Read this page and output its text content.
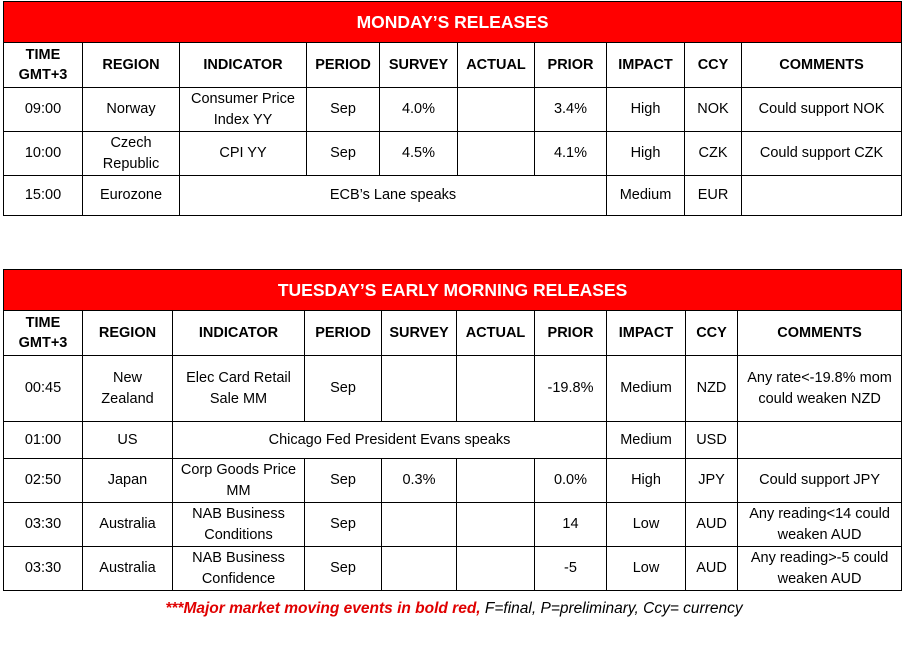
MONDAY’S RELEASES									
TIME GMT+3	REGION	INDICATOR	PERIOD	SURVEY	ACTUAL	PRIOR	IMPACT	CCY	COMMENTS
09:00	Norway	Consumer Price Index YY	Sep	4.0%		3.4%	High	NOK	Could support NOK
10:00	Czech Republic	CPI YY	Sep	4.5%		4.1%	High	CZK	Could support CZK
15:00	Eurozone	ECB’s Lane speaks					Medium	EUR	
TUESDAY’S EARLY MORNING RELEASES									
TIME GMT+3	REGION	INDICATOR	PERIOD	SURVEY	ACTUAL	PRIOR	IMPACT	CCY	COMMENTS
00:45	New Zealand	Elec Card Retail Sale MM	Sep			-19.8%	Medium	NZD	Any rate<-19.8% mom could weaken NZD
01:00	US	Chicago Fed President Evans speaks					Medium	USD	
02:50	Japan	Corp Goods Price MM	Sep	0.3%		0.0%	High	JPY	Could support JPY
03:30	Australia	NAB Business Conditions	Sep			14	Low	AUD	Any reading<14 could weaken AUD
03:30	Australia	NAB Business Confidence	Sep			-5	Low	AUD	Any reading>-5 could weaken AUD
***Major market moving events in bold red, F=final, P=preliminary, Ccy= currency
